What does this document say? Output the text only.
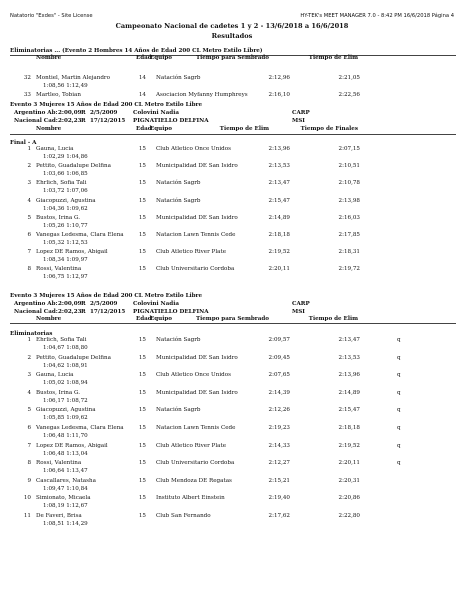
Natatorio "Exdes" - Site License	HY-TEK's MEET MANAGER 7.0 - 8:42 PM 16/6/2018 Página 4
Campeonato Nacional de cadetes 1 y 2 - 13/6/2018 a 16/6/2018
Resultados
Eliminatorias ... (Evento 2 Hombres 14 Años de Edad 200 CL Metro Estilo Libre)
Nombre	Edad
Equipo	Tiempo para Sembrado	Tiempo de Elim
32 Montiel, Martin Alejandro	14 Natación Sagrb	2:12,96	2:21,05
1:08,56 1:12,49
33 Martleo, Tobian	14 Asociacion Myfanny Humphreys	2:16,10	2:22,56
Evento 3 Mujeres 15 Años de Edad 200 CL Metro Estilo Libre
Argentino Ab: 2:00,09 R 2/5/2009	Colovini Nadia	CARP
Nacional Cad: 2:02,23 R 17/12/2015 PIGNATIELLO DELFINA	MSI
Nombre	Edad
Equipo	Tiempo de Elim	Tiempo de Finales
Final - A
1 Gauna, Lucia	15 Club Atletico Once Unidos	2:13,96	2:07,15
1:02,29 1:04,86
2 Pettito, Guadalupe Delfina	15 Municipalidad DE San Isidro	2:13,53	2:10,51
1:03,66 1:06,85
3 Ehrlich, Sofia Tali	15 Natación Sagrb	2:13,47	2:10,78
1:03,72 1:07,06
4 Giacopuzzi, Agustina	15 Natación Sagrb	2:15,47	2:13,98
1:04,36 1:09,62
5 Bustos, Irina G.	15 Municipalidad DE San Isidro	2:14,89	2:16,03
1:05,26 1:10,77
6 Vanegas Ledesma, Clara Elena	15 Natacion Lawn Tennis Cede	2:18,18	2:17,85
1:05,32 1:12,53
7 Lopez DE Ramos, Abigail	15 Club Atletico River Plate	2:19,52	2:18,31
1:08,34 1:09,97
8 Rossi, Valentina	15 Club Universitario Cordoba	2:20,11	2:19,72
1:06,75 1:12,97
Evento 3 Mujeres 15 Años de Edad 200 CL Metro Estilo Libre
Argentino Ab: 2:00,09 R 2/5/2009	Colovini Nadia	CARP
Nacional Cad: 2:02,23 R 17/12/2015 PIGNATIELLO DELFINA	MSI
Nombre	Edad
Equipo	Tiempo para Sembrado	Tiempo de Elim
Eliminatorias
1 Ehrlich, Sofia Tali	15 Natación Sagrb	2:09,57	2:13,47	q
1:04,67 1:08,80
2 Pettito, Guadalupe Delfina	15 Municipalidad DE San Isidro	2:09,45	2:13,53	q
1:04,62 1:08,91
3 Gauna, Lucia	15 Club Atletico Once Unidos	2:07,65	2:13,96	q
1:05,02 1:08,94
4 Bustos, Irina G.	15 Municipalidad DE San Isidro	2:14,39	2:14,89	q
1:06,17 1:08,72
5 Giacopuzzi, Agustina	15 Natación Sagrb	2:12,26	2:15,47	q
1:05,85 1:09,62
6 Vanegas Ledesma, Clara Elena	15 Natacion Lawn Tennis Cede	2:19,23	2:18,18	q
1:06,48 1:11,70
7 Lopez DE Ramos, Abigail	15 Club Atletico River Plate	2:14,33	2:19,52	q
1:06,48 1:13,04
8 Rossi, Valentina	15 Club Universitario Cordoba	2:12,27	2:20,11	q
1:06,64 1:13,47
9 Cascallares, Natasha	15 Club Mendoza DE Regatas	2:15,21	2:20,31
1:09,47 1:10,84
10 Simionato, Micaela	15 Instituto Albert Einstein	2:19,40	2:20,86
1:08,19 1:12,67
11 De Faveri, Brisa	15 Club San Fernando	2:17,62	2:22,80
1:08,51 1:14,29
